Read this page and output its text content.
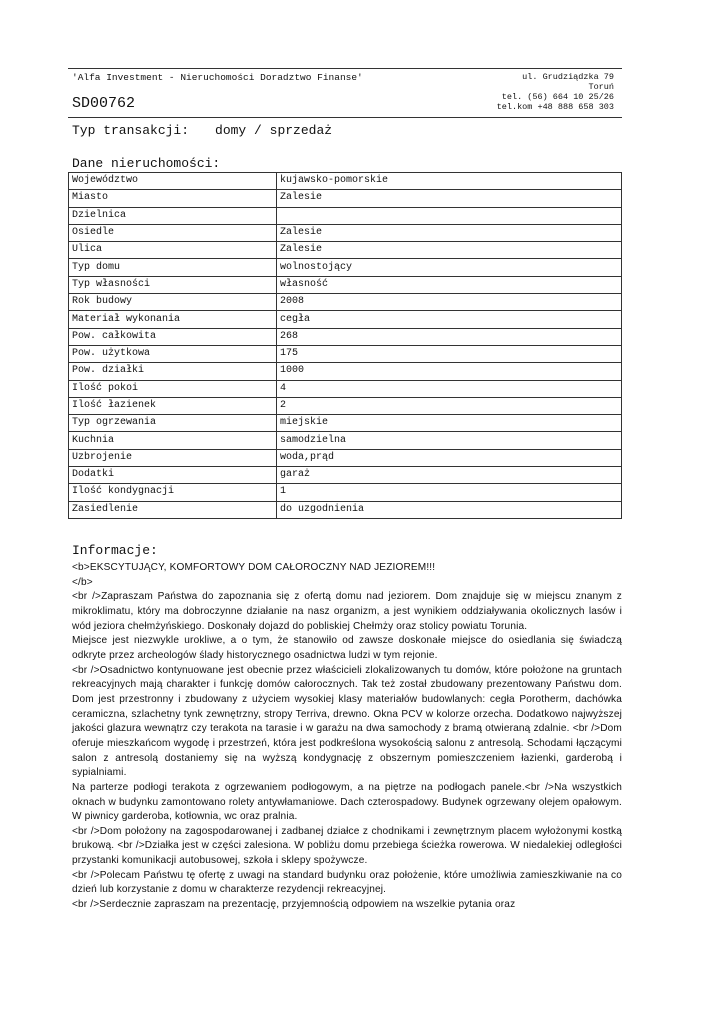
'Alfa Investment - Nieruchomości Doradztwo Finanse'
SD00762
ul. Grudziądzka 79
Toruń
tel. (56) 664 10 25/26
tel.kom +48 888 658 303
Typ transakcji: domy / sprzedaż
Dane nieruchomości:
Województwo	kujawsko-pomorskie
Miasto	Zalesie
Dzielnica	
Osiedle	Zalesie
Ulica	Zalesie
Typ domu	wolnostojący
Typ własności	własność
Rok budowy	2008
Materiał wykonania	cegła
Pow. całkowita	268
Pow. użytkowa	175
Pow. działki	1000
Ilość pokoi	4
Ilość łazienek	2
Typ ogrzewania	miejskie
Kuchnia	samodzielna
Uzbrojenie	woda,prąd
Dodatki	garaż
Ilość kondygnacji	1
Zasiedlenie	do uzgodnienia
Informacje:

<b>EKSCYTUJĄCY, KOMFORTOWY DOM CAŁOROCZNY NAD JEZIOREM!!!

</b>

<br />Zapraszam Państwa do zapoznania się z ofertą domu nad jeziorem. Dom znajduje się w miejscu znanym z mikroklimatu, który ma dobroczynne działanie na nasz organizm, a jest wynikiem oddziaływania okolicznych lasów i wód jeziora chełmżyńskiego. Doskonały dojazd do pobliskiej Chełmży oraz stolicy powiatu Torunia.

Miejsce jest niezwykle urokliwe, a o tym, że stanowiło od zawsze doskonałe miejsce do osiedlania się świadczą odkryte przez archeologów ślady historycznego osadnictwa ludzi w tym rejonie.

<br />Osadnictwo kontynuowane jest obecnie przez właścicieli zlokalizowanych tu domów, które położone na gruntach rekreacyjnych mają charakter i funkcję domów całorocznych. Tak też został zbudowany prezentowany Państwu dom. Dom jest przestronny i zbudowany z użyciem wysokiej klasy materiałów budowlanych: cegła Porotherm, dachówka ceramiczna, szlachetny tynk zewnętrzny, stropy Terriva, drewno. Okna PCV w kolorze orzecha. Dodatkowo najwyższej jakości glazura wewnątrz czy terakota na tarasie i w garażu na dwa samochody z bramą otwieraną zdalnie. <br />Dom oferuje mieszkańcom wygodę i przestrzeń, która jest podkreślona wysokością salonu z antresolą. Schodami łączącymi salon z antresolą dostaniemy się na wyższą kondygnację z obszernym pomieszczeniem łazienki, garderobą i sypialniami.

Na parterze podłogi terakota z ogrzewaniem podłogowym, a na piętrze na podłogach panele.<br />Na wszystkich oknach w budynku zamontowano rolety antywłamaniowe. Dach czterospadowy. Budynek ogrzewany olejem opałowym. W piwnicy garderoba, kotłownia, wc oraz pralnia.

<br />Dom położony na zagospodarowanej i zadbanej działce z chodnikami i zewnętrznym placem wyłożonymi kostką brukową. <br />Działka jest w części zalesiona. W pobliżu domu przebiega ścieżka rowerowa. W niedalekiej odległości przystanki komunikacji autobusowej, szkoła i sklepy spożywcze.

<br />Polecam Państwu tę ofertę z uwagi na standard budynku oraz położenie, które umożliwia zamieszkiwanie na co dzień lub korzystanie z domu w charakterze rezydencji rekreacyjnej.

<br />Serdecznie zapraszam na prezentację, przyjemnością odpowiem na wszelkie pytania oraz
